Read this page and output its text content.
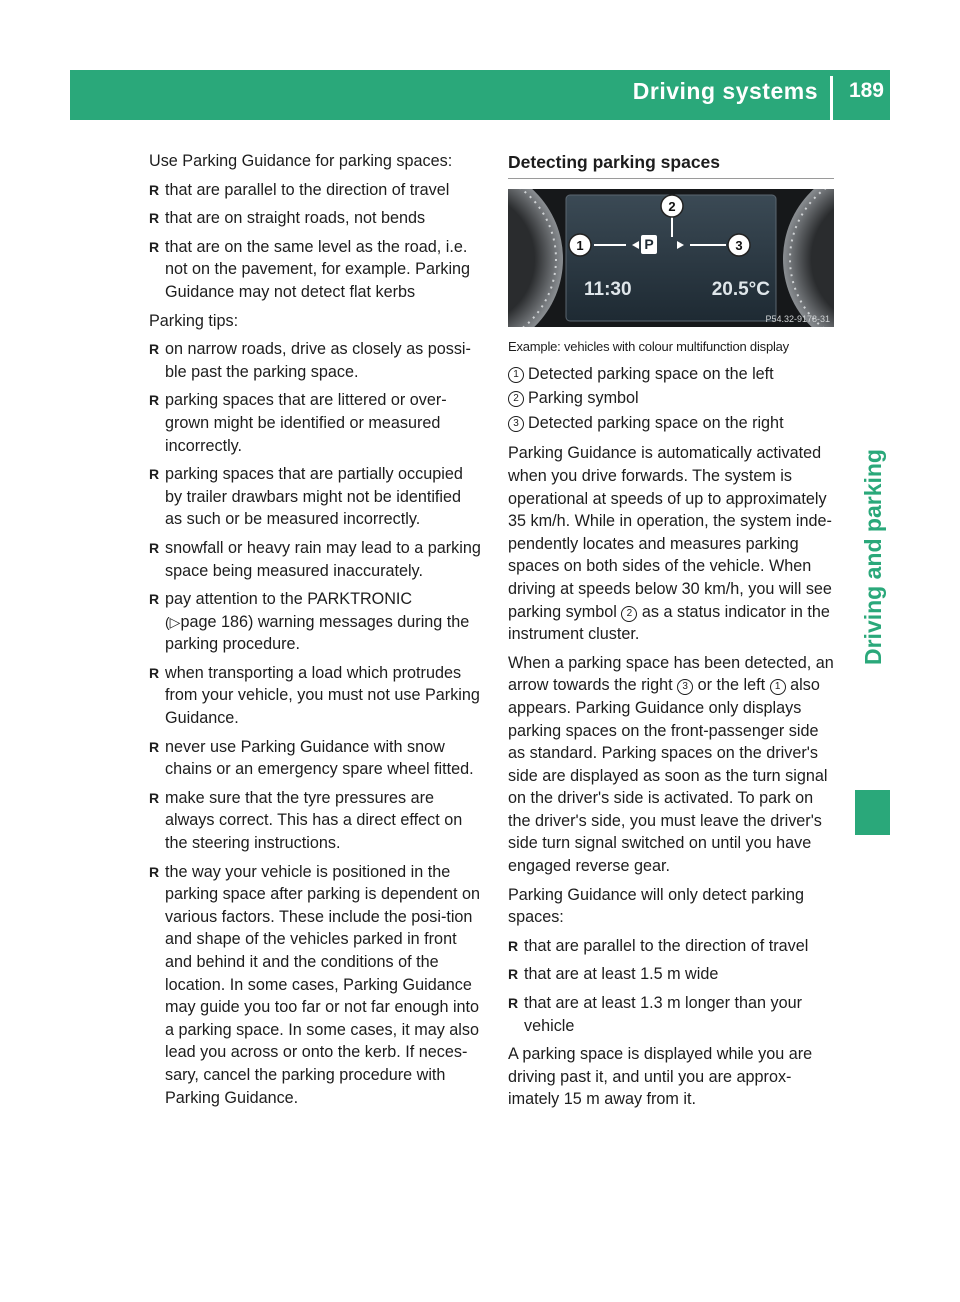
Driving systems 189
Driving and parking

Use Parking Guidance for parking spaces:

R that are parallel to the direction of travel
R that are on straight roads, not bends
R that are on the same level as the road, i.e. not on the pavement, for example. Parking Guidance may not detect flat kerbs

Parking tips:

R on narrow roads, drive as closely as possi-ble past the parking space.
R parking spaces that are littered or over-grown might be identified or measured incorrectly.
R parking spaces that are partially occupied by trailer drawbars might not be identified as such or be measured incorrectly.
R snowfall or heavy rain may lead to a parking space being measured inaccurately.
R pay attention to the PARKTRONIC
(▷page 186) warning messages during the parking procedure.
R when transporting a load which protrudes from your vehicle, you must not use Parking Guidance.
R never use Parking Guidance with snow chains or an emergency spare wheel fitted.
R make sure that the tyre pressures are always correct. This has a direct effect on the steering instructions.
R the way your vehicle is positioned in the parking space after parking is dependent on various factors. These include the posi-tion and shape of the vehicles parked in front and behind it and the conditions of the location. In some cases, Parking Guidance may guide you too far or not far enough into a parking space. In some cases, it may also lead you across or onto the kerb. If neces-sary, cancel the parking procedure with Parking Guidance.
Detecting parking spaces
P
1
2
3
11:30	20.5°C
P54.32-9178-31
Example: vehicles with colour multifunction display
1 Detected parking space on the left
2 Parking symbol
3 Detected parking space on the right

Parking Guidance is automatically activated when you drive forwards. The system is operational at speeds of up to approximately 35 km/h. While in operation, the system inde-pendently locates and measures parking spaces on both sides of the vehicle. When driving at speeds below 30 km/h, you will see parking symbol 2 as a status indicator in the instrument cluster.

When a parking space has been detected, an arrow towards the right 3 or the left 1 also appears. Parking Guidance only displays parking spaces on the front-passenger side as standard. Parking spaces on the driver's side are displayed as soon as the turn signal on the driver's side is activated. To park on the driver's side, you must leave the driver's side turn signal switched on until you have engaged reverse gear.

Parking Guidance will only detect parking spaces:

R that are parallel to the direction of travel
R that are at least 1.5 m wide
R that are at least 1.3 m longer than your vehicle

A parking space is displayed while you are driving past it, and until you are approx-imately 15 m away from it.
